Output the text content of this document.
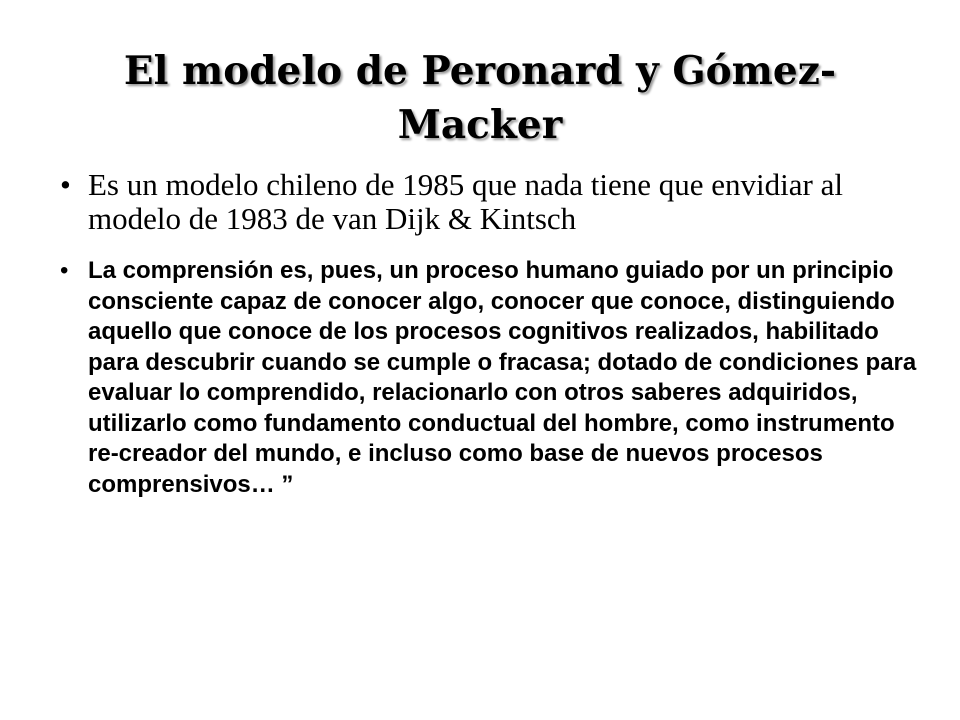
El modelo de Peronard y Gómez-Macker
• Es un modelo chileno de 1985 que nada tiene que envidiar al modelo de 1983 de van Dijk & Kintsch
• La comprensión es, pues, un proceso humano guiado por un principio consciente capaz de conocer algo, conocer que conoce, distinguiendo aquello que conoce de los procesos cognitivos realizados, habilitado para descubrir cuando se cumple o fracasa; dotado de condiciones para evaluar lo comprendido, relacionarlo con otros saberes adquiridos, utilizarlo como fundamento conductual del hombre, como instrumento re-creador del mundo, e incluso como base de nuevos procesos comprensivos… ”
